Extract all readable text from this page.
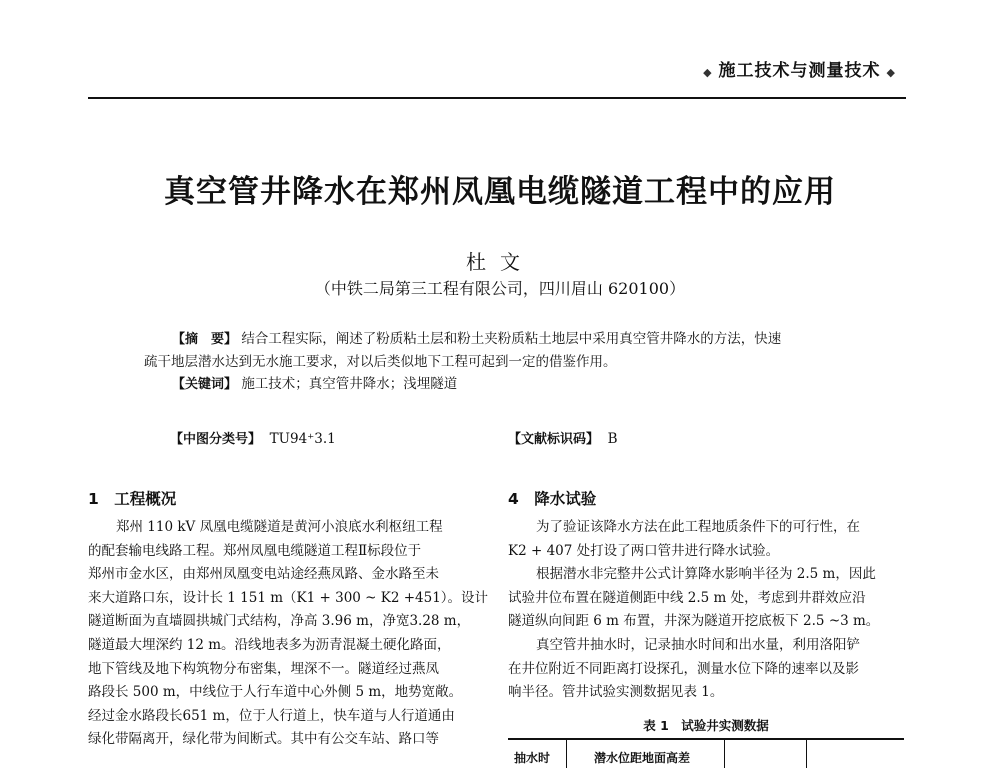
◆ 施工技术与测量技术 ◆
真空管井降水在郑州凤凰电缆隧道工程中的应用
杜文
（中铁二局第三工程有限公司，四川眉山 620100）
【摘　要】 结合工程实际，阐述了粉质粘土层和粉土夹粉质粘土地层中采用真空管井降水的方法，快速
疏干地层潜水达到无水施工要求，对以后类似地下工程可起到一定的借鉴作用。
【关键词】 施工技术；真空管井降水；浅埋隧道
【中图分类号】 TU94⁺3.1	【文献标识码】 B
1　工程概况
郑州 110 kV 凤凰电缆隧道是黄河小浪底水利枢纽工程
的配套输电线路工程。郑州凤凰电缆隧道工程Ⅱ标段位于
郑州市金水区，由郑州凤凰变电站途经燕凤路、金水路至未
来大道路口东，设计长 1 151 m（K1 + 300 ~ K2 +451）。设计
隧道断面为直墙圆拱城门式结构，净高 3.96 m，净宽3.28 m，
隧道最大埋深约 12 m。沿线地表多为沥青混凝土硬化路面，
地下管线及地下构筑物分布密集，埋深不一。隧道经过燕凤
路段长 500 m，中线位于人行车道中心外侧 5 m，地势宽敞。
经过金水路段长651 m，位于人行道上，快车道与人行道通由
绿化带隔离开，绿化带为间断式。其中有公交车站、路口等
4　降水试验
为了验证该降水方法在此工程地质条件下的可行性，在
K2 + 407 处打设了两口管井进行降水试验。
根据潜水非完整井公式计算降水影响半径为 2.5 m，因此
试验井位布置在隧道侧距中线 2.5 m 处，考虑到井群效应沿
隧道纵向间距 6 m 布置，井深为隧道开挖底板下 2.5 ~3 m。
真空管井抽水时，记录抽水时间和出水量，利用洛阳铲
在井位附近不同距离打设探孔，测量水位下降的速率以及影
响半径。管井试验实测数据见表 1。
表 1　试验井实测数据
抽水时	潜水位距地面高差
